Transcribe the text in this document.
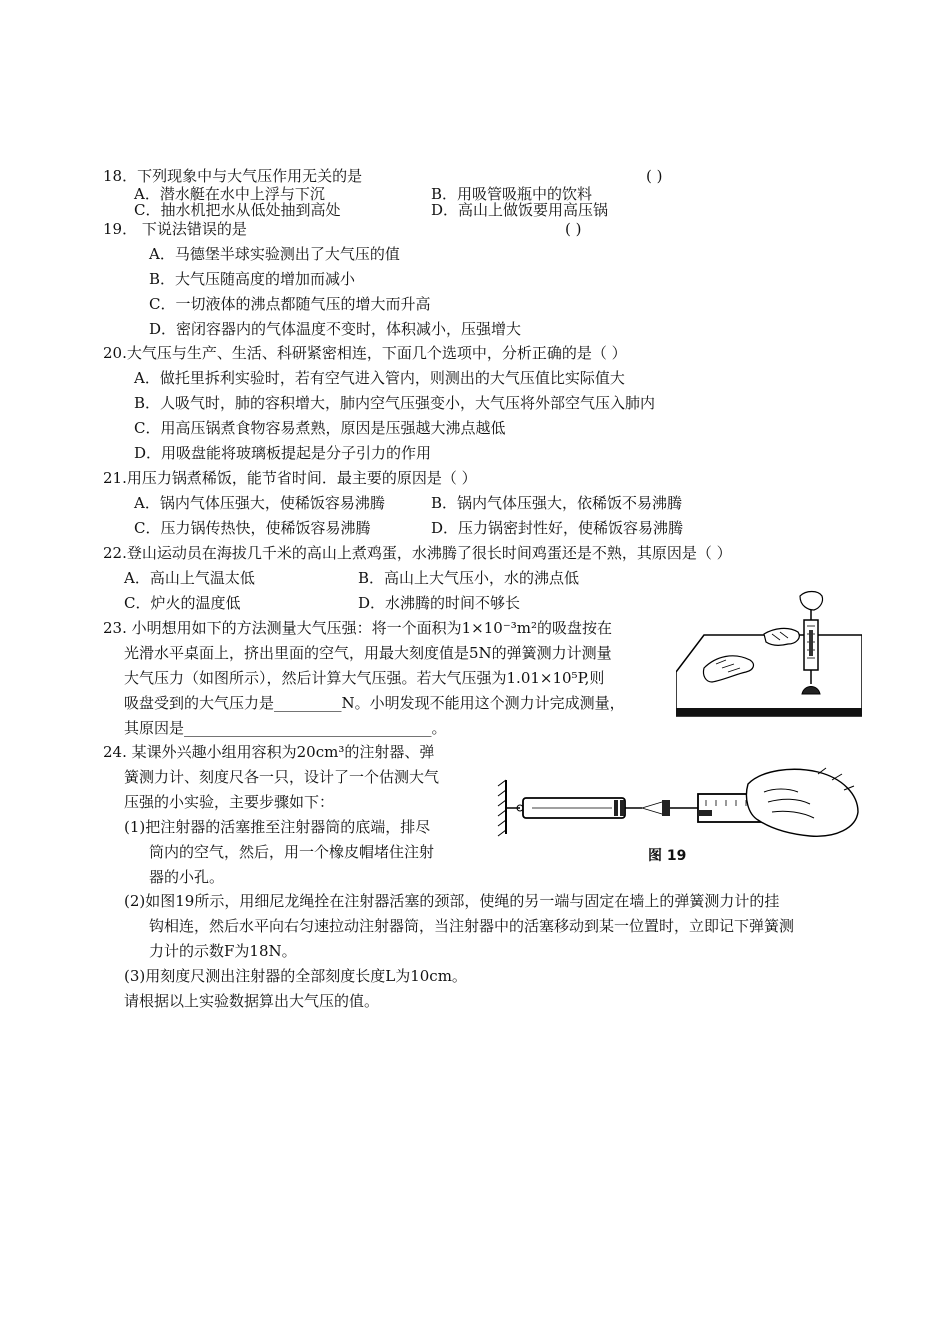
18．下列现象中与大气压作用无关的是	( )
A．潜水艇在水中上浮与下沉	B．用吸管吸瓶中的饮料
C．抽水机把水从低处抽到高处	D．高山上做饭要用高压锅
19． 下说法错误的是	( )
A．马德堡半球实验测出了大气压的值
B．大气压随高度的增加而减小
C．一切液体的沸点都随气压的增大而升高
D．密闭容器内的气体温度不变时，体积减小，压强增大
20.大气压与生产、生活、科研紧密相连，下面几个选项中，分析正确的是（ ）
A．做托里拆利实验时，若有空气进入管内，则测出的大气压值比实际值大
B．人吸气时，肺的容积增大，肺内空气压强变小，大气压将外部空气压入肺内
C．用高压锅煮食物容易煮熟，原因是压强越大沸点越低
D．用吸盘能将玻璃板提起是分子引力的作用
21.用压力锅煮稀饭，能节省时间．最主要的原因是（ ）
A．锅内气体压强大，使稀饭容易沸腾	B．锅内气体压强大，依稀饭不易沸腾
C．压力锅传热快，使稀饭容易沸腾	D．压力锅密封性好，使稀饭容易沸腾
22.登山运动员在海拔几千米的高山上煮鸡蛋，水沸腾了很长时间鸡蛋还是不熟，其原因是（ ）
A．高山上气温太低	B．高山上大气压小，水的沸点低
C．炉火的温度低	D．水沸腾的时间不够长
23. 小明想用如下的方法测量大气压强：将一个面积为1×10⁻³m²的吸盘按在
光滑水平桌面上，挤出里面的空气，用最大刻度值是5N的弹簧测力计测量
大气压力（如图所示），然后计算大气压强。若大气压强为1.01×10⁵P,则
吸盘受到的大气压力是_________N。小明发现不能用这个测力计完成测量，
其原因是_________________________________。
24. 某课外兴趣小组用容积为20cm³的注射器、弹
簧测力计、刻度尺各一只，设计了一个估测大气
压强的小实验，主要步骤如下：
(1)把注射器的活塞推至注射器筒的底端，排尽
筒内的空气，然后，用一个橡皮帽堵住注射
器的小孔。
(2)如图19所示，用细尼龙绳拴在注射器活塞的颈部，使绳的另一端与固定在墙上的弹簧测力计的挂
钩相连，然后水平向右匀速拉动注射器筒，当注射器中的活塞移动到某一位置时，立即记下弹簧测
力计的示数F为18N。
(3)用刻度尺测出注射器的全部刻度长度L为10cm。
请根据以上实验数据算出大气压的值。
图 19
